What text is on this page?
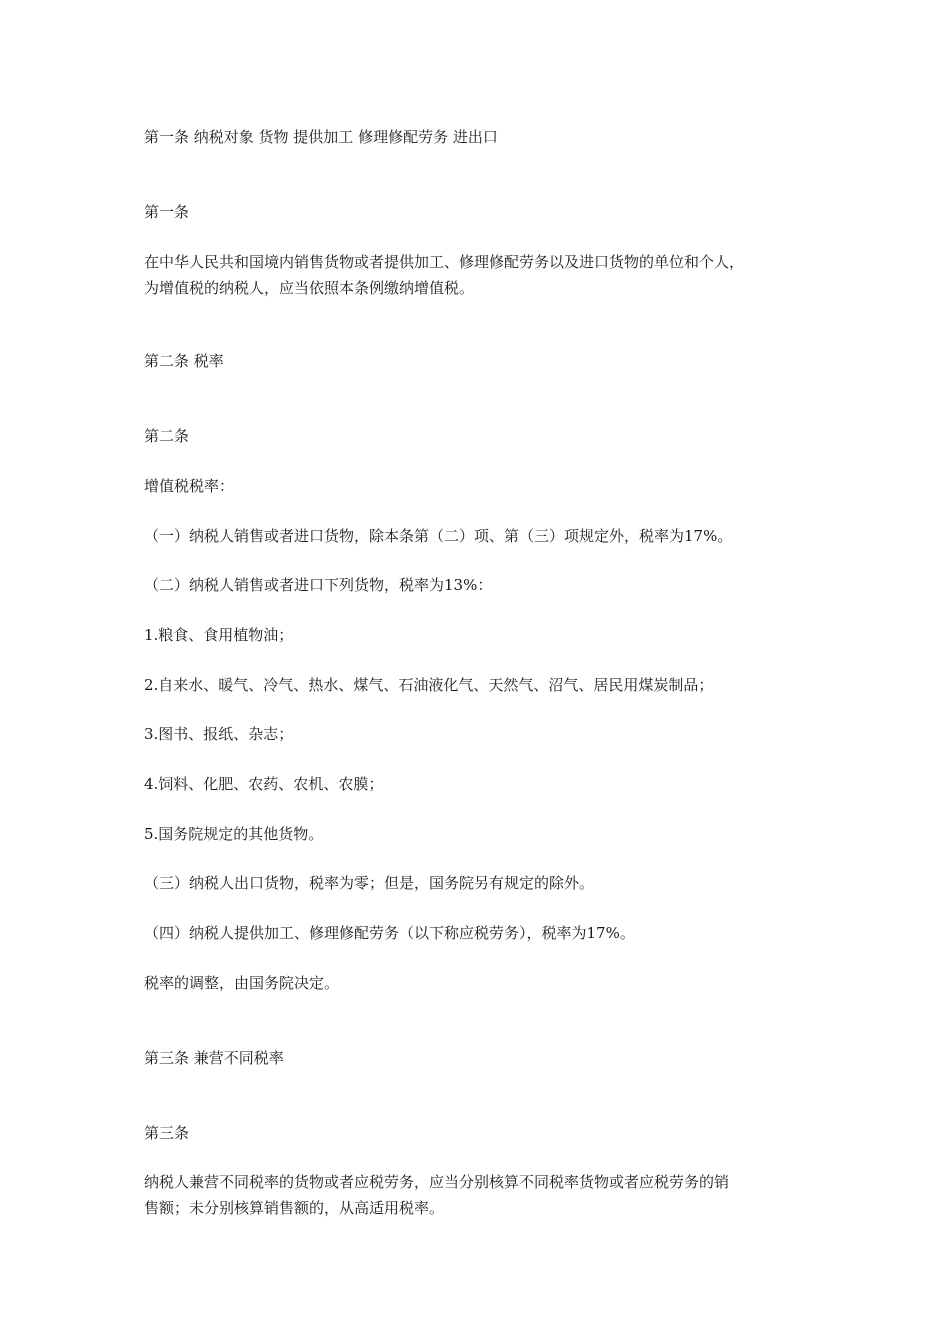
第一条 纳税对象 货物 提供加工 修理修配劳务 进出口
第一条
在中华人民共和国境内销售货物或者提供加工、修理修配劳务以及进口货物的单位和个人，
为增值税的纳税人，应当依照本条例缴纳增值税。
第二条 税率
第二条
增值税税率：
（一）纳税人销售或者进口货物，除本条第（二）项、第（三）项规定外，税率为17%。
（二）纳税人销售或者进口下列货物，税率为13%：
1.粮食、食用植物油；
2.自来水、暖气、冷气、热水、煤气、石油液化气、天然气、沼气、居民用煤炭制品；
3.图书、报纸、杂志；
4.饲料、化肥、农药、农机、农膜；
5.国务院规定的其他货物。
（三）纳税人出口货物，税率为零；但是，国务院另有规定的除外。
（四）纳税人提供加工、修理修配劳务（以下称应税劳务），税率为17%。
税率的调整，由国务院决定。
第三条 兼营不同税率
第三条
纳税人兼营不同税率的货物或者应税劳务，应当分别核算不同税率货物或者应税劳务的销
售额；未分别核算销售额的，从高适用税率。
